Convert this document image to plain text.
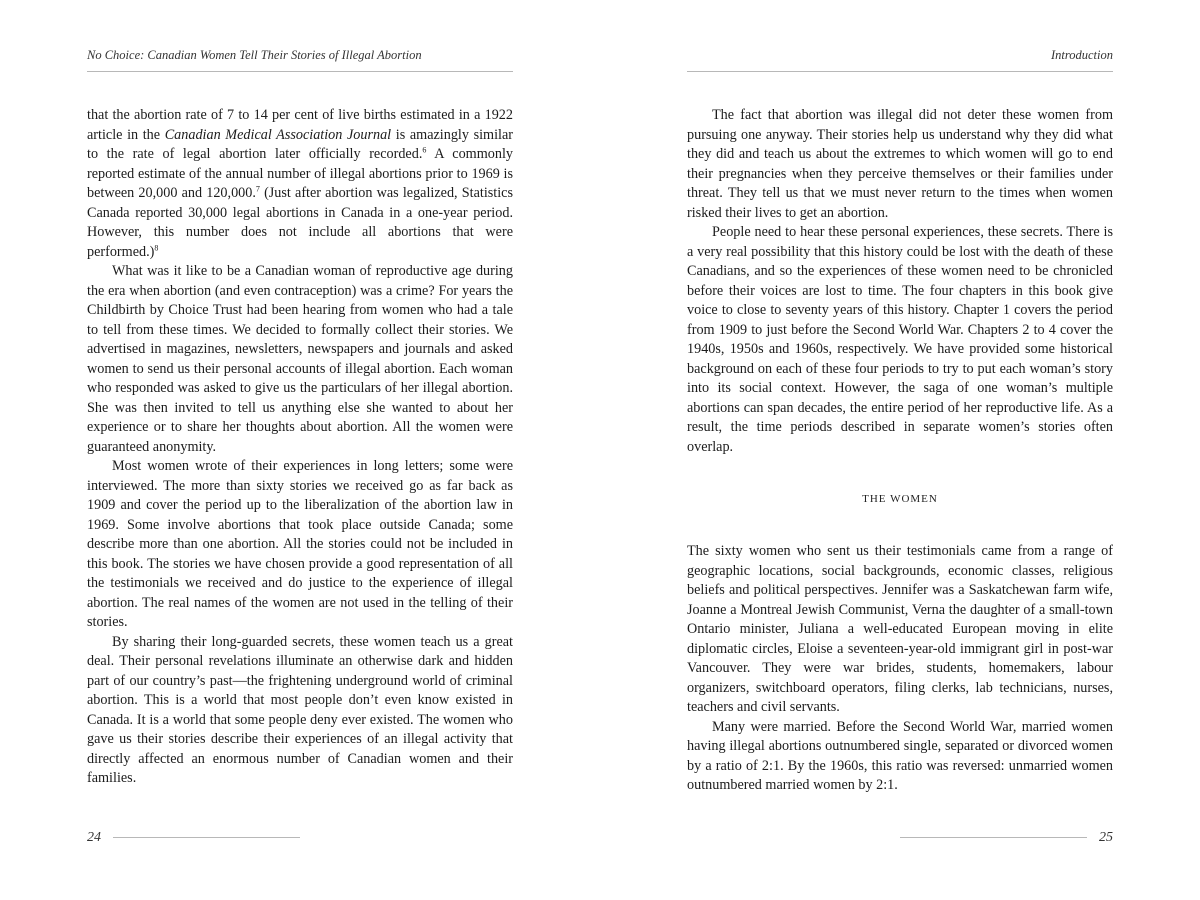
No Choice: Canadian Women Tell Their Stories of Illegal Abortion

that the abortion rate of 7 to 14 per cent of live births estimated in a 1922 article in the Canadian Medical Association Journal is amazingly similar to the rate of legal abortion later officially recorded.$^6$ A commonly reported estimate of the annual number of illegal abortions prior to 1969 is between 20,000 and 120,000.$^7$ (Just after abortion was legalized, Statistics Canada reported 30,000 legal abortions in Canada in a one-year period. However, this number does not include all abortions that were performed.)$^8$

What was it like to be a Canadian woman of reproductive age during the era when abortion (and even contraception) was a crime? For years the Childbirth by Choice Trust had been hearing from women who had a tale to tell from these times. We decided to formally collect their stories. We advertised in magazines, newsletters, newspapers and journals and asked women to send us their personal accounts of illegal abortion. Each woman who responded was asked to give us the particulars of her illegal abortion. She was then invited to tell us anything else she wanted to about her experience or to share her thoughts about abortion. All the women were guaranteed anonymity.

Most women wrote of their experiences in long letters; some were interviewed. The more than sixty stories we received go as far back as 1909 and cover the period up to the liberalization of the abortion law in 1969. Some involve abortions that took place outside Canada; some describe more than one abortion. All the stories could not be included in this book. The stories we have chosen provide a good representation of all the testimonials we received and do justice to the experience of illegal abortion. The real names of the women are not used in the telling of their stories.

By sharing their long-guarded secrets, these women teach us a great deal. Their personal revelations illuminate an otherwise dark and hidden part of our country’s past—the frightening underground world of criminal abortion. This is a world that most people don’t even know existed in Canada. It is a world that some people deny ever existed. The women who gave us their stories describe their experiences of an illegal activity that directly affected an enormous number of Canadian women and their families.

24
Introduction

The fact that abortion was illegal did not deter these women from pursuing one anyway. Their stories help us understand why they did what they did and teach us about the extremes to which women will go to end their pregnancies when they perceive themselves or their families under threat. They tell us that we must never return to the times when women risked their lives to get an abortion.

People need to hear these personal experiences, these secrets. There is a very real possibility that this history could be lost with the death of these Canadians, and so the experiences of these women need to be chronicled before their voices are lost to time. The four chapters in this book give voice to close to seventy years of this history. Chapter 1 covers the period from 1909 to just before the Second World War. Chapters 2 to 4 cover the 1940s, 1950s and 1960s, respectively. We have provided some historical background on each of these four periods to try to put each woman’s story into its social context. However, the saga of one woman’s multiple abortions can span decades, the entire period of her reproductive life. As a result, the time periods described in separate women’s stories often overlap.

THE WOMEN

The sixty women who sent us their testimonials came from a range of geographic locations, social backgrounds, economic classes, religious beliefs and political perspectives. Jennifer was a Saskatchewan farm wife, Joanne a Montreal Jewish Communist, Verna the daughter of a small-town Ontario minister, Juliana a well-educated European moving in elite diplomatic circles, Eloise a seventeen-year-old immigrant girl in post-war Vancouver. They were war brides, students, homemakers, labour organizers, switchboard operators, filing clerks, lab technicians, nurses, teachers and civil servants.

Many were married. Before the Second World War, married women having illegal abortions outnumbered single, separated or divorced women by a ratio of 2:1. By the 1960s, this ratio was reversed: unmarried women outnumbered married women by 2:1.

25
